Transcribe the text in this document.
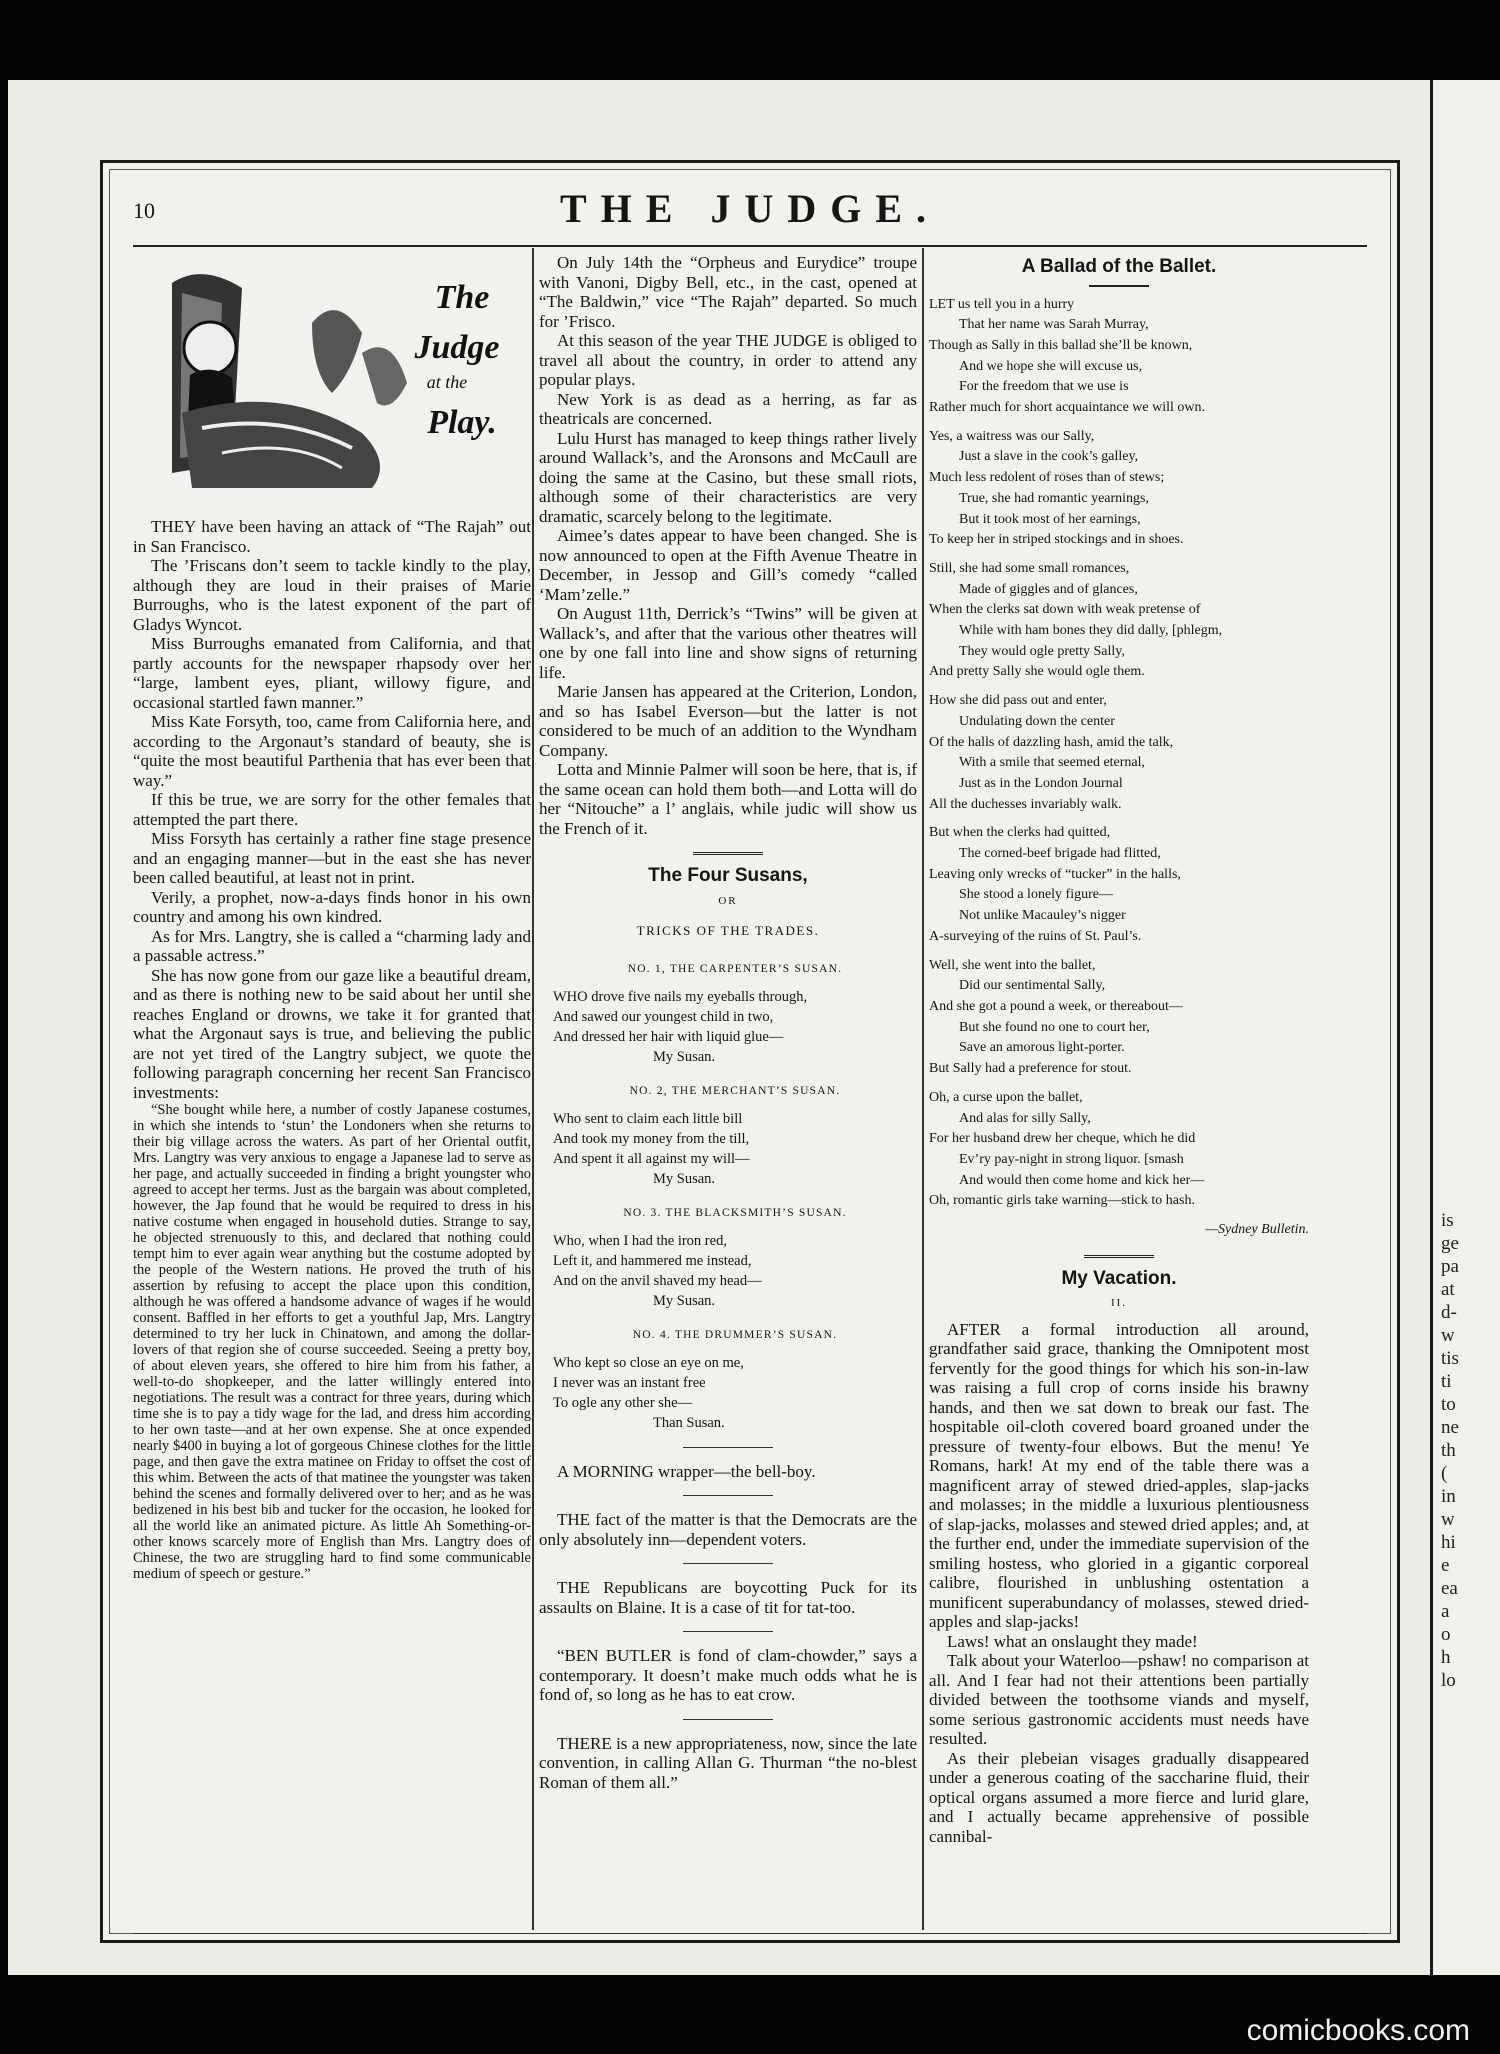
is
ge
pa
at
d-
w
tis
ti
to
ne
th
(
in
w
hi
e
ea
a
o
h
lo
10	THE JUDGE.
The
Judge
at the
Play.

THEY have been having an attack of “The Rajah” out in San Francisco.

The ’Friscans don’t seem to tackle kindly to the play, although they are loud in their praises of Marie Burroughs, who is the latest exponent of the part of Gladys Wyncot.

Miss Burroughs emanated from California, and that partly accounts for the newspaper rhapsody over her “large, lambent eyes, pliant, willowy figure, and occasional startled fawn manner.”

Miss Kate Forsyth, too, came from California here, and according to the Argonaut’s standard of beauty, she is “quite the most beautiful Parthenia that has ever been that way.”

If this be true, we are sorry for the other females that attempted the part there.

Miss Forsyth has certainly a rather fine stage presence and an engaging manner—but in the east she has never been called beautiful, at least not in print.

Verily, a prophet, now-a-days finds honor in his own country and among his own kindred.

As for Mrs. Langtry, she is called a “charming lady and a passable actress.”

She has now gone from our gaze like a beautiful dream, and as there is nothing new to be said about her until she reaches England or drowns, we take it for granted that what the Argonaut says is true, and believing the public are not yet tired of the Langtry subject, we quote the following paragraph concerning her recent San Francisco investments:

“She bought while here, a number of costly Japanese costumes, in which she intends to ‘stun’ the Londoners when she returns to their big village across the waters. As part of her Oriental outfit, Mrs. Langtry was very anxious to engage a Japanese lad to serve as her page, and actually succeeded in finding a bright youngster who agreed to accept her terms. Just as the bargain was about completed, however, the Jap found that he would be required to dress in his native costume when engaged in household duties. Strange to say, he objected strenuously to this, and declared that nothing could tempt him to ever again wear anything but the costume adopted by the people of the Western nations. He proved the truth of his assertion by refusing to accept the place upon this condition, although he was offered a handsome advance of wages if he would consent. Baffled in her efforts to get a youthful Jap, Mrs. Langtry determined to try her luck in Chinatown, and among the dollar-lovers of that region she of course succeeded. Seeing a pretty boy, of about eleven years, she offered to hire him from his father, a well-to-do shopkeeper, and the latter willingly entered into negotiations. The result was a contract for three years, during which time she is to pay a tidy wage for the lad, and dress him according to her own taste—and at her own expense. She at once expended nearly $400 in buying a lot of gorgeous Chinese clothes for the little page, and then gave the extra matinee on Friday to offset the cost of this whim. Between the acts of that matinee the youngster was taken behind the scenes and formally delivered over to her; and as he was bedizened in his best bib and tucker for the occasion, he looked for all the world like an animated picture. As little Ah Something-or-other knows scarcely more of English than Mrs. Langtry does of Chinese, the two are struggling hard to find some communicable medium of speech or gesture.”

On July 14th the “Orpheus and Eurydice” troupe with Vanoni, Digby Bell, etc., in the cast, opened at “The Baldwin,” vice “The Rajah” departed. So much for ’Frisco.

At this season of the year THE JUDGE is obliged to travel all about the country, in order to attend any popular plays.

New York is as dead as a herring, as far as theatricals are concerned.

Lulu Hurst has managed to keep things rather lively around Wallack’s, and the Aronsons and McCaull are doing the same at the Casino, but these small riots, although some of their characteristics are very dramatic, scarcely belong to the legitimate.

Aimee’s dates appear to have been changed. She is now announced to open at the Fifth Avenue Theatre in December, in Jessop and Gill’s comedy “called ‘Mam’zelle.”

On August 11th, Derrick’s “Twins” will be given at Wallack’s, and after that the various other theatres will one by one fall into line and show signs of returning life.

Marie Jansen has appeared at the Criterion, London, and so has Isabel Everson—but the latter is not considered to be much of an addition to the Wyndham Company.

Lotta and Minnie Palmer will soon be here, that is, if the same ocean can hold them both—and Lotta will do her “Nitouche” a l’ anglais, while judic will show us the French of it.

The Four Susans,
OR
TRICKS OF THE TRADES.
NO. 1, THE CARPENTER’S SUSAN.
WHO drove five nails my eyeballs through,
And sawed our youngest child in two,
And dressed her hair with liquid glue—
My Susan.
NO. 2, THE MERCHANT’S SUSAN.
Who sent to claim each little bill
And took my money from the till,
And spent it all against my will—
My Susan.
NO. 3. THE BLACKSMITH’S SUSAN.
Who, when I had the iron red,
Left it, and hammered me instead,
And on the anvil shaved my head—
My Susan.
NO. 4. THE DRUMMER’S SUSAN.
Who kept so close an eye on me,
I never was an instant free
To ogle any other she—
Than Susan.

A MORNING wrapper—the bell-boy.

THE fact of the matter is that the Democrats are the only absolutely inn—dependent voters.

THE Republicans are boycotting Puck for its assaults on Blaine. It is a case of tit for tat-too.

“BEN BUTLER is fond of clam-chowder,” says a contemporary. It doesn’t make much odds what he is fond of, so long as he has to eat crow.

THERE is a new appropriateness, now, since the late convention, in calling Allan G. Thurman “the no-blest Roman of them all.”

A Ballad of the Ballet.
LET us tell you in a hurry
That her name was Sarah Murray,
Though as Sally in this ballad she’ll be known,
And we hope she will excuse us,
For the freedom that we use is
Rather much for short acquaintance we will own.
Yes, a waitress was our Sally,
Just a slave in the cook’s galley,
Much less redolent of roses than of stews;
True, she had romantic yearnings,
But it took most of her earnings,
To keep her in striped stockings and in shoes.
Still, she had some small romances,
Made of giggles and of glances,
When the clerks sat down with weak pretense of
While with ham bones they did dally, [phlegm,
They would ogle pretty Sally,
And pretty Sally she would ogle them.
How she did pass out and enter,
Undulating down the center
Of the halls of dazzling hash, amid the talk,
With a smile that seemed eternal,
Just as in the London Journal
All the duchesses invariably walk.
But when the clerks had quitted,
The corned-beef brigade had flitted,
Leaving only wrecks of “tucker” in the halls,
She stood a lonely figure—
Not unlike Macauley’s nigger
A-surveying of the ruins of St. Paul’s.
Well, she went into the ballet,
Did our sentimental Sally,
And she got a pound a week, or thereabout—
But she found no one to court her,
Save an amorous light-porter.
But Sally had a preference for stout.
Oh, a curse upon the ballet,
And alas for silly Sally,
For her husband drew her cheque, which he did
Ev’ry pay-night in strong liquor. [smash
And would then come home and kick her—
Oh, romantic girls take warning—stick to hash.
—Sydney Bulletin.
My Vacation.
II.

AFTER a formal introduction all around, grandfather said grace, thanking the Omnipotent most fervently for the good things for which his son-in-law was raising a full crop of corns inside his brawny hands, and then we sat down to break our fast. The hospitable oil-cloth covered board groaned under the pressure of twenty-four elbows. But the menu! Ye Romans, hark! At my end of the table there was a magnificent array of stewed dried-apples, slap-jacks and molasses; in the middle a luxurious plentiousness of slap-jacks, molasses and stewed dried apples; and, at the further end, under the immediate supervision of the smiling hostess, who gloried in a gigantic corporeal calibre, flourished in unblushing ostentation a munificent superabundancy of molasses, stewed dried-apples and slap-jacks!

Laws! what an onslaught they made!

Talk about your Waterloo—pshaw! no comparison at all. And I fear had not their attentions been partially divided between the toothsome viands and myself, some serious gastronomic accidents must needs have resulted.

As their plebeian visages gradually disappeared under a generous coating of the saccharine fluid, their optical organs assumed a more fierce and lurid glare, and I actually became apprehensive of possible cannibal-

comicbooks.com
